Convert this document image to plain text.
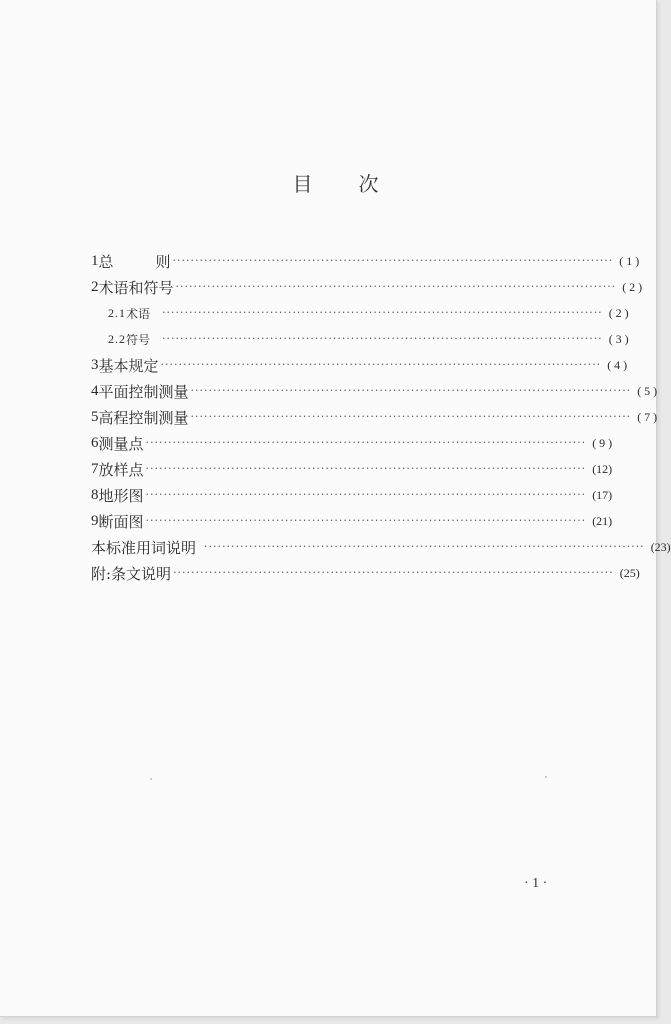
目 次
1 总	则 ·································································································· ( 1 )
2 术语和符号 ·································································································· ( 2 )
2.1 术语 ·································································································· ( 2 )
2.2 符号 ·································································································· ( 3 )
3 基本规定 ·································································································· ( 4 )
4 平面控制测量 ·································································································· ( 5 )
5 高程控制测量 ·································································································· ( 7 )
6 测量点 ·································································································· ( 9 )
7 放样点 ·································································································· (12)
8 地形图 ·································································································· (17)
9 断面图 ·································································································· (21)
本标准用词说明 ·································································································· (23)
附:条文说明 ·································································································· (25)
· 1 ·
